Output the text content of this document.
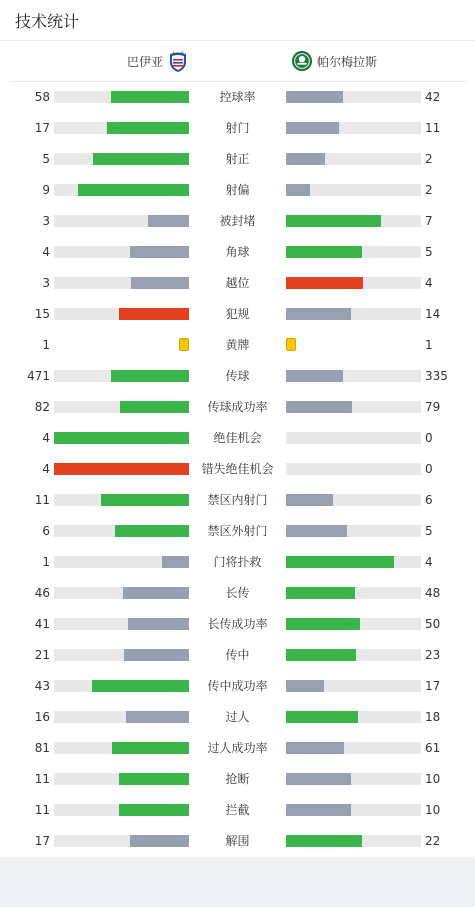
技术统计
巴伊亚	帕尔梅拉斯
58	控球率	42
17	射门	11
5	射正	2
9	射偏	2
3	被封堵	7
4	角球	5
3	越位	4
15	犯规	14
1	黄牌	1
471	传球	335
82	传球成功率	79
4	绝佳机会	0
4	错失绝佳机会	0
11	禁区内射门	6
6	禁区外射门	5
1	门将扑救	4
46	长传	48
41	长传成功率	50
21	传中	23
43	传中成功率	17
16	过人	18
81	过人成功率	61
11	抢断	10
11	拦截	10
17	解围	22
